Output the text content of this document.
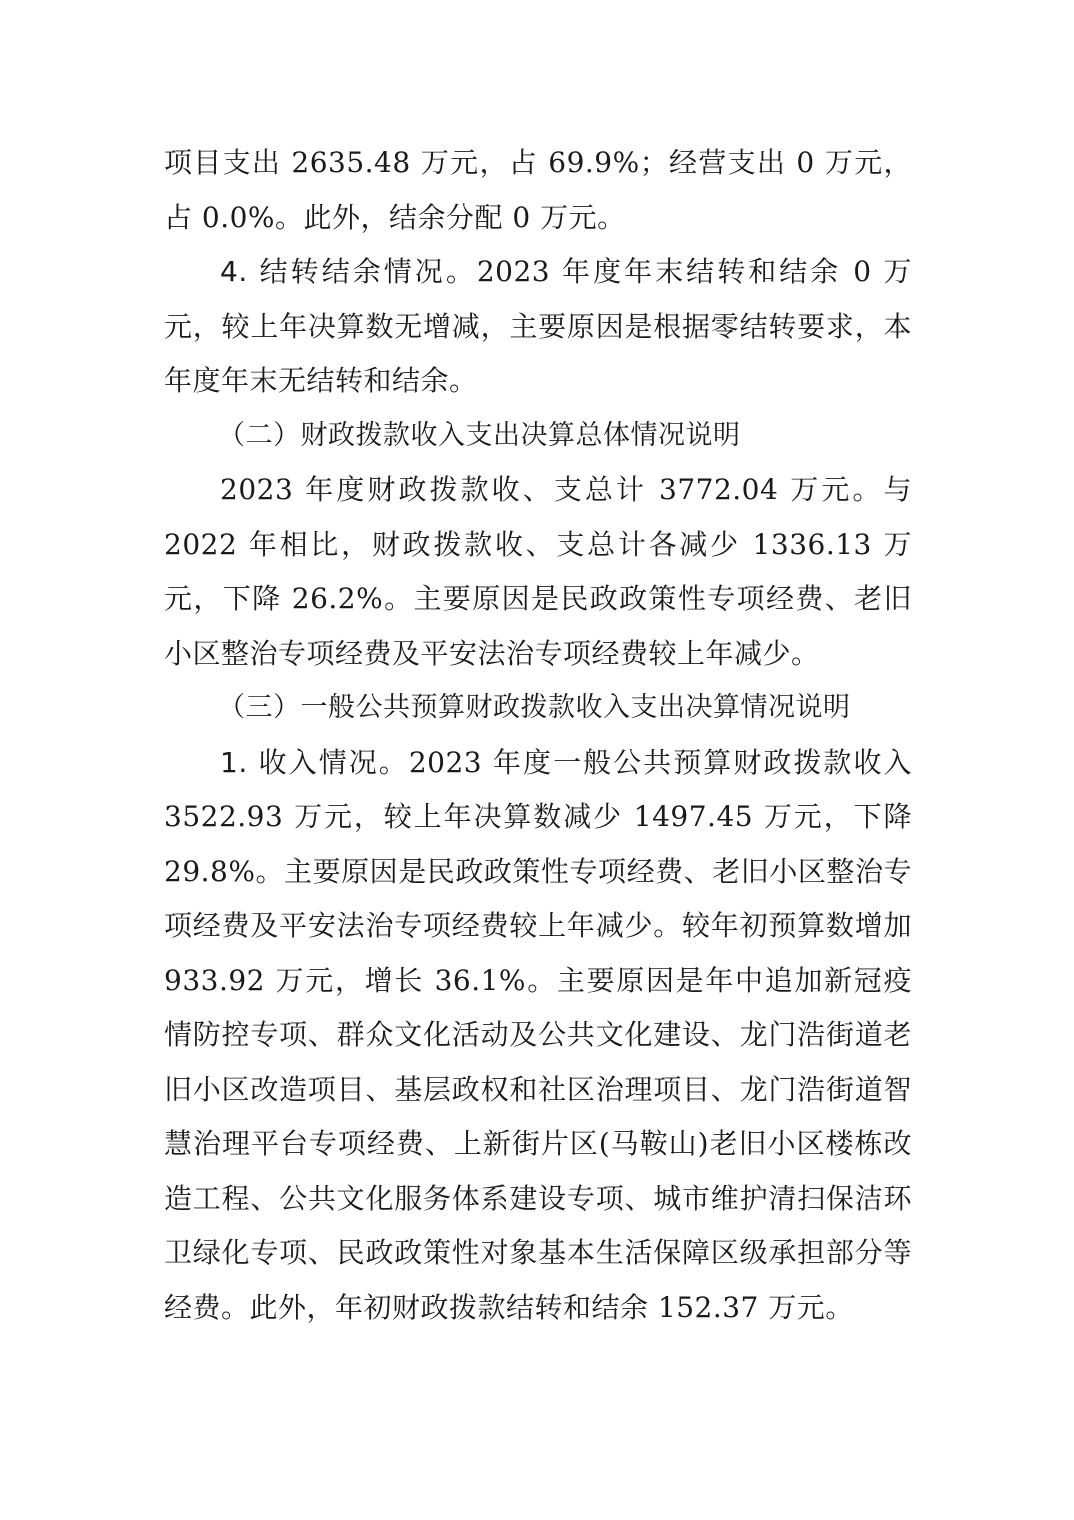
项目支出 2635.48 万元，占 69.9%；经营支出 0 万元，占 0.0%。此外，结余分配 0 万元。

4. 结转结余情况。2023 年度年末结转和结余 0 万元，较上年决算数无增减，主要原因是根据零结转要求，本年度年末无结转和结余。

（二）财政拨款收入支出决算总体情况说明

2023 年度财政拨款收、支总计 3772.04 万元。与 2022 年相比，财政拨款收、支总计各减少 1336.13 万元，下降 26.2%。主要原因是民政政策性专项经费、老旧小区整治专项经费及平安法治专项经费较上年减少。

（三）一般公共预算财政拨款收入支出决算情况说明

1. 收入情况。2023 年度一般公共预算财政拨款收入 3522.93 万元，较上年决算数减少 1497.45 万元，下降 29.8%。主要原因是民政政策性专项经费、老旧小区整治专项经费及平安法治专项经费较上年减少。较年初预算数增加 933.92 万元，增长 36.1%。主要原因是年中追加新冠疫情防控专项、群众文化活动及公共文化建设、龙门浩街道老旧小区改造项目、基层政权和社区治理项目、龙门浩街道智慧治理平台专项经费、上新街片区(马鞍山)老旧小区楼栋改造工程、公共文化服务体系建设专项、城市维护清扫保洁环卫绿化专项、民政政策性对象基本生活保障区级承担部分等经费。此外，年初财政拨款结转和结余 152.37 万元。
